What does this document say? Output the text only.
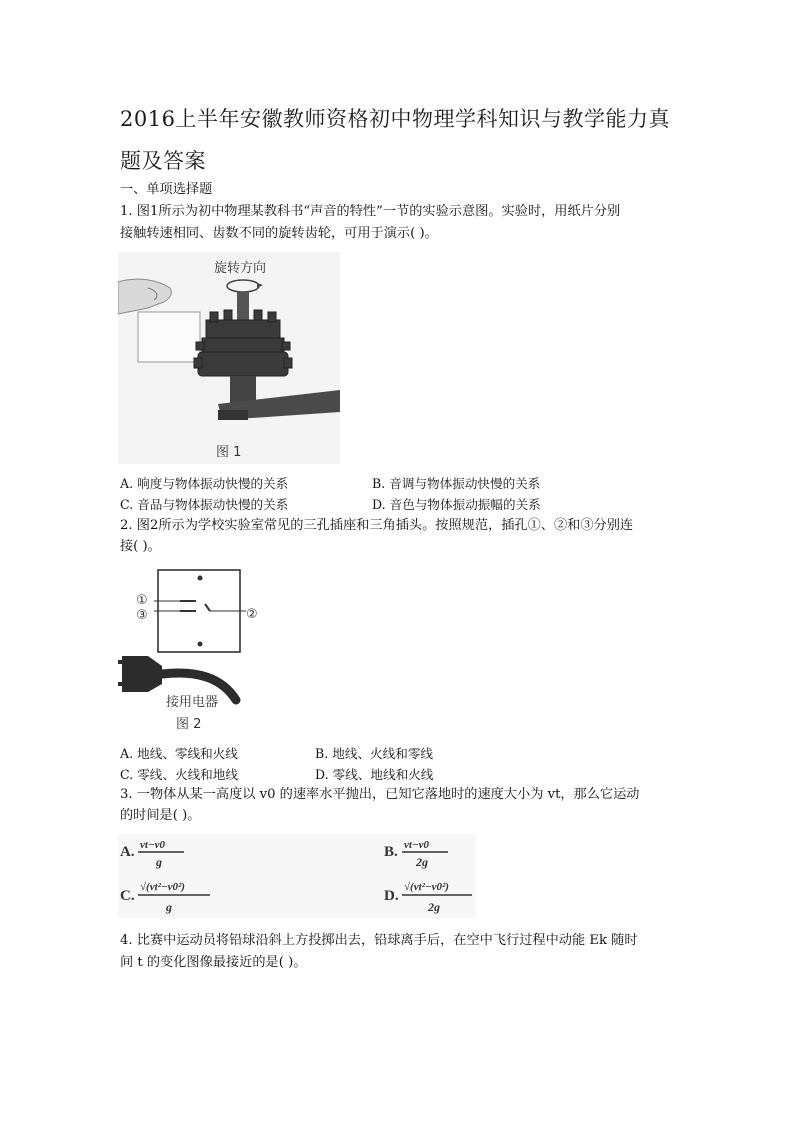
2016上半年安徽教师资格初中物理学科知识与教学能力真
题及答案
一、单项选择题
1. 图1所示为初中物理某教科书“声音的特性”一节的实验示意图。实验时，用纸片分别
接触转速相同、齿数不同的旋转齿轮，可用于演示( )。
旋转方向
图 1
A. 响度与物体振动快慢的关系	B. 音调与物体振动快慢的关系
C. 音品与物体振动快慢的关系	D. 音色与物体振动振幅的关系
2. 图2所示为学校实验室常见的三孔插座和三角插头。按照规范，插孔①、②和③分别连
接( )。
①
③	②
接用电器
图 2
A. 地线、零线和火线	B. 地线、火线和零线
C. 零线、火线和地线	D. 零线、地线和火线
3. 一物体从某一高度以 v0 的速率水平抛出，已知它落地时的速度大小为 vt，那么它运动
的时间是( )。
A. vt−v0
g
B. vt−v0
2g
C.
√(vt²−v0²)
g
D.
√(vt²−v0²)
2g
4. 比赛中运动员将铅球沿斜上方投掷出去，铅球离手后，在空中飞行过程中动能 Ek 随时
间 t 的变化图像最接近的是( )。
